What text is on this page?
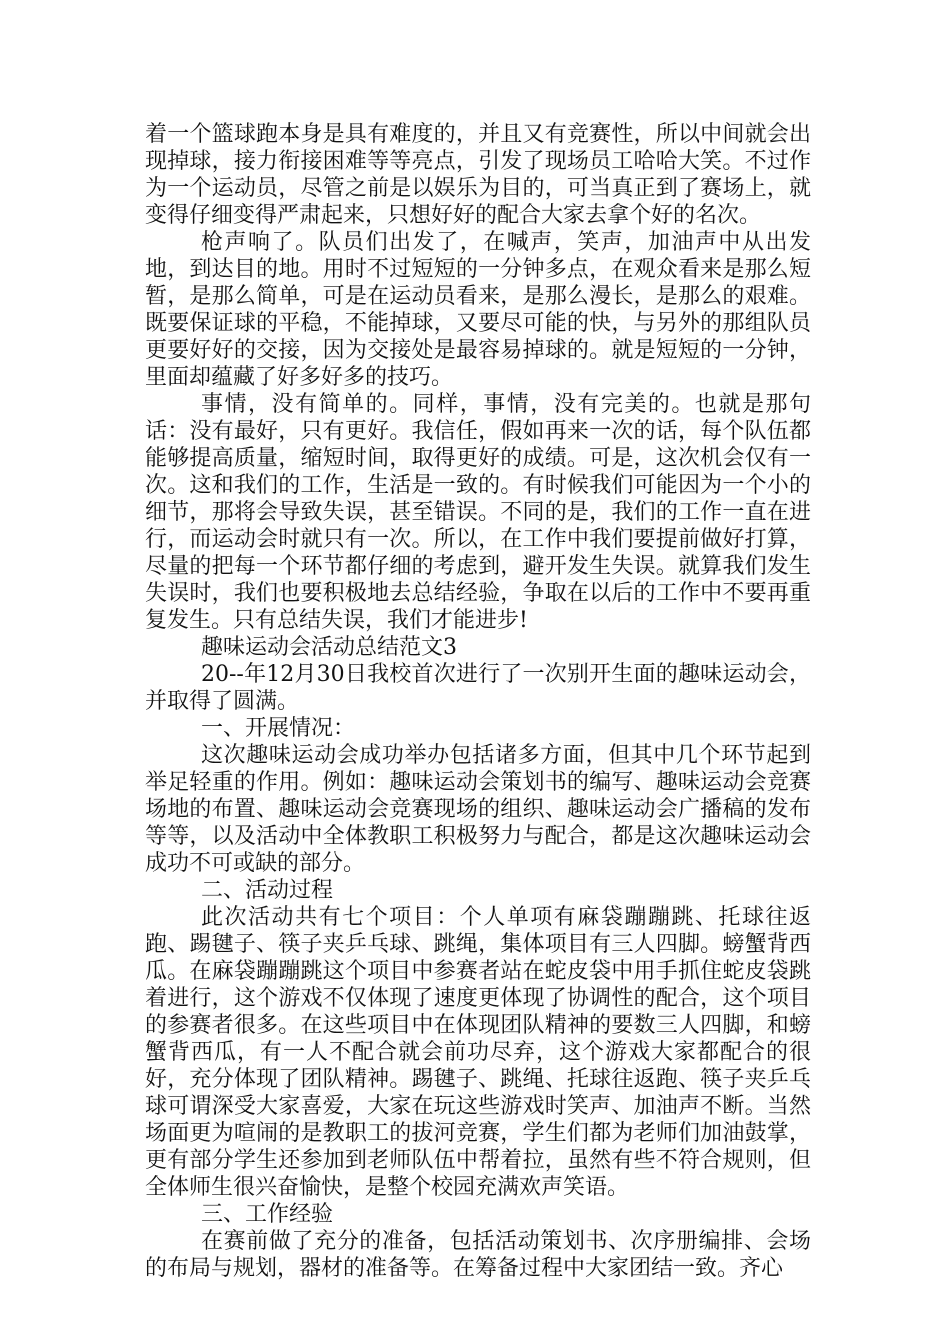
着一个篮球跑本身是具有难度的，并且又有竞赛性，所以中间就会出现掉球，接力衔接困难等等亮点，引发了现场员工哈哈大笑。不过作为一个运动员，尽管之前是以娱乐为目的，可当真正到了赛场上，就变得仔细变得严肃起来，只想好好的配合大家去拿个好的名次。

枪声响了。队员们出发了，在喊声，笑声，加油声中从出发地，到达目的地。用时不过短短的一分钟多点，在观众看来是那么短暂，是那么简单，可是在运动员看来，是那么漫长，是那么的艰难。既要保证球的平稳，不能掉球，又要尽可能的快，与另外的那组队员更要好好的交接，因为交接处是最容易掉球的。就是短短的一分钟，里面却蕴藏了好多好多的技巧。

事情，没有简单的。同样，事情，没有完美的。也就是那句话：没有最好，只有更好。我信任，假如再来一次的话，每个队伍都能够提高质量，缩短时间，取得更好的成绩。可是，这次机会仅有一次。这和我们的工作，生活是一致的。有时候我们可能因为一个小的细节，那将会导致失误，甚至错误。不同的是，我们的工作一直在进行，而运动会时就只有一次。所以，在工作中我们要提前做好打算，尽量的把每一个环节都仔细的考虑到，避开发生失误。就算我们发生失误时，我们也要积极地去总结经验，争取在以后的工作中不要再重复发生。只有总结失误，我们才能进步!

趣味运动会活动总结范文3

20--年12月30日我校首次进行了一次别开生面的趣味运动会，并取得了圆满。

一、开展情况：

这次趣味运动会成功举办包括诸多方面，但其中几个环节起到举足轻重的作用。例如：趣味运动会策划书的编写、趣味运动会竞赛场地的布置、趣味运动会竞赛现场的组织、趣味运动会广播稿的发布等等，以及活动中全体教职工积极努力与配合，都是这次趣味运动会成功不可或缺的部分。

二、活动过程

此次活动共有七个项目：个人单项有麻袋蹦蹦跳、托球往返跑、踢毽子、筷子夹乒乓球、跳绳，集体项目有三人四脚。螃蟹背西瓜。在麻袋蹦蹦跳这个项目中参赛者站在蛇皮袋中用手抓住蛇皮袋跳着进行，这个游戏不仅体现了速度更体现了协调性的配合，这个项目的参赛者很多。在这些项目中在体现团队精神的要数三人四脚，和螃蟹背西瓜，有一人不配合就会前功尽弃，这个游戏大家都配合的很好，充分体现了团队精神。踢毽子、跳绳、托球往返跑、筷子夹乒乓球可谓深受大家喜爱，大家在玩这些游戏时笑声、加油声不断。当然场面更为喧闹的是教职工的拔河竞赛，学生们都为老师们加油鼓掌，更有部分学生还参加到老师队伍中帮着拉，虽然有些不符合规则，但全体师生很兴奋愉快，是整个校园充满欢声笑语。

三、工作经验

在赛前做了充分的准备，包括活动策划书、次序册编排、会场的布局与规划，器材的准备等。在筹备过程中大家团结一致。齐心
